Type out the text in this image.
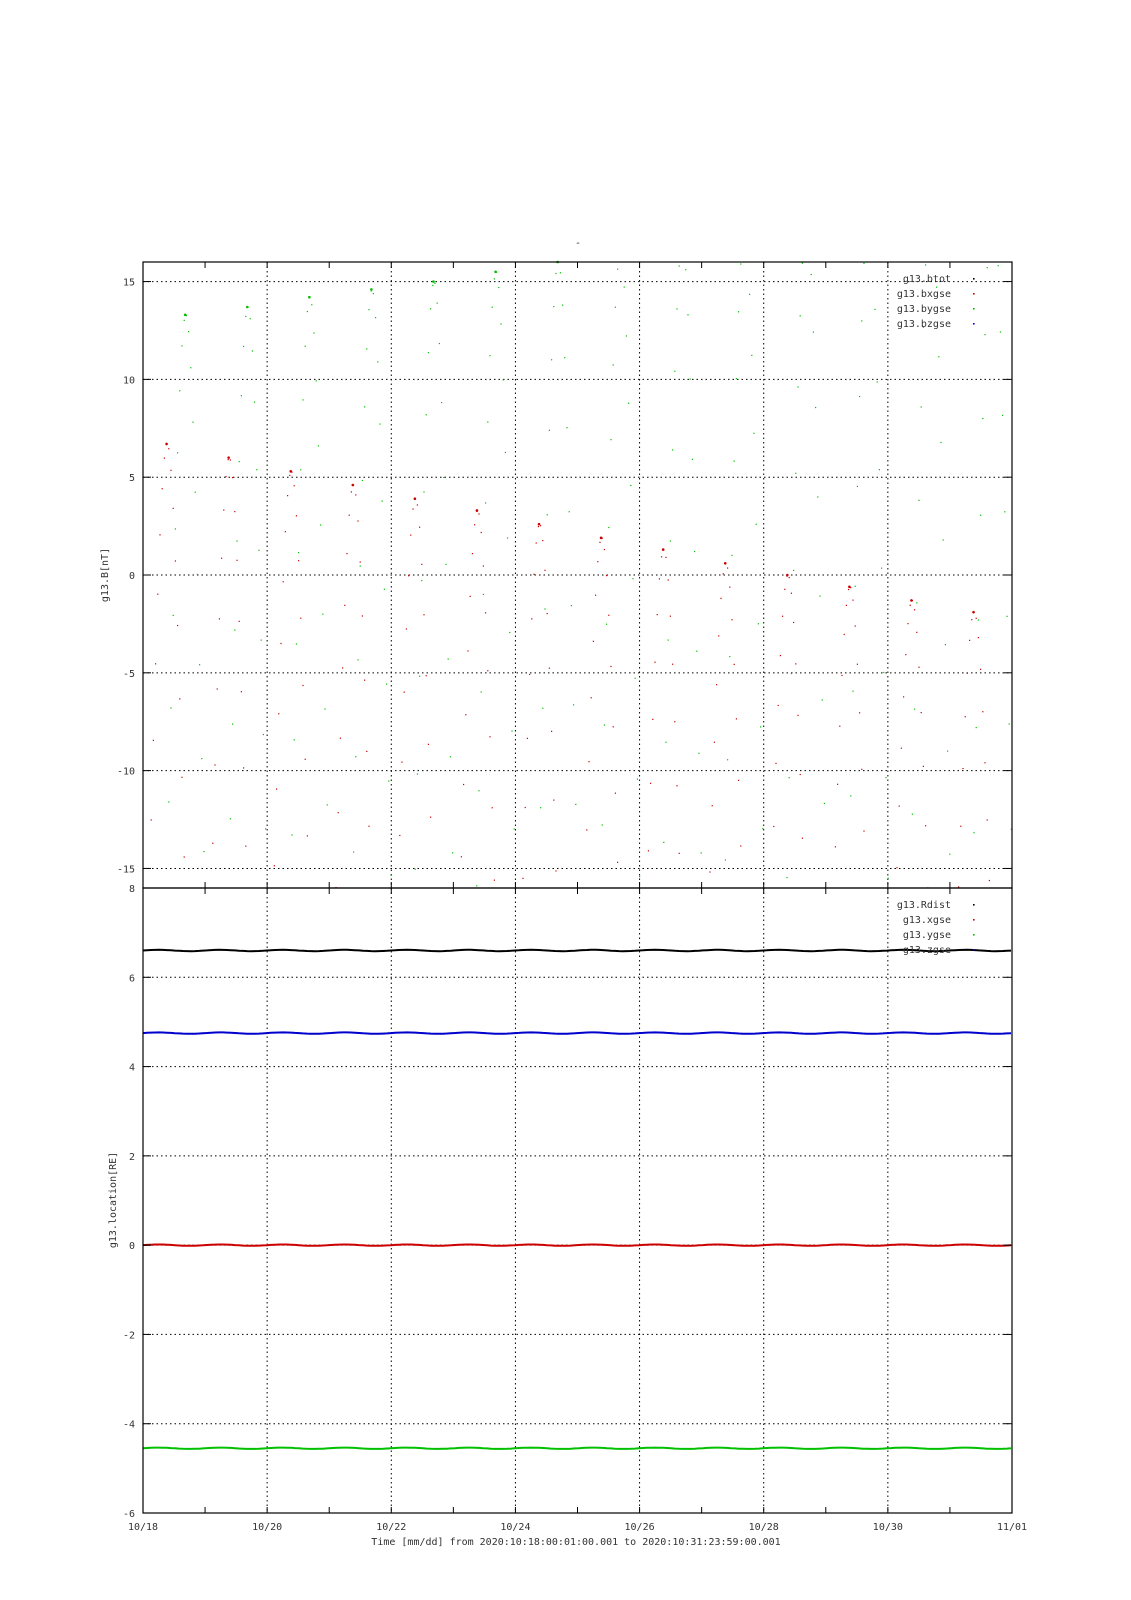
-
-15
-10
-5
0
5
10
15
g13.B[nT]
g13.btot
g13.bxgse
g13.bygse
g13.bzgse
-6
-4
-2
0
2
4
6
8
g13.location[RE]
g13.Rdist
g13.xgse
g13.ygse
g13.zgse
10/18	10/20	10/22	10/24	10/26	10/28	10/30	11/01
Time [mm/dd] from 2020:10:18:00:01:00.001 to 2020:10:31:23:59:00.001
